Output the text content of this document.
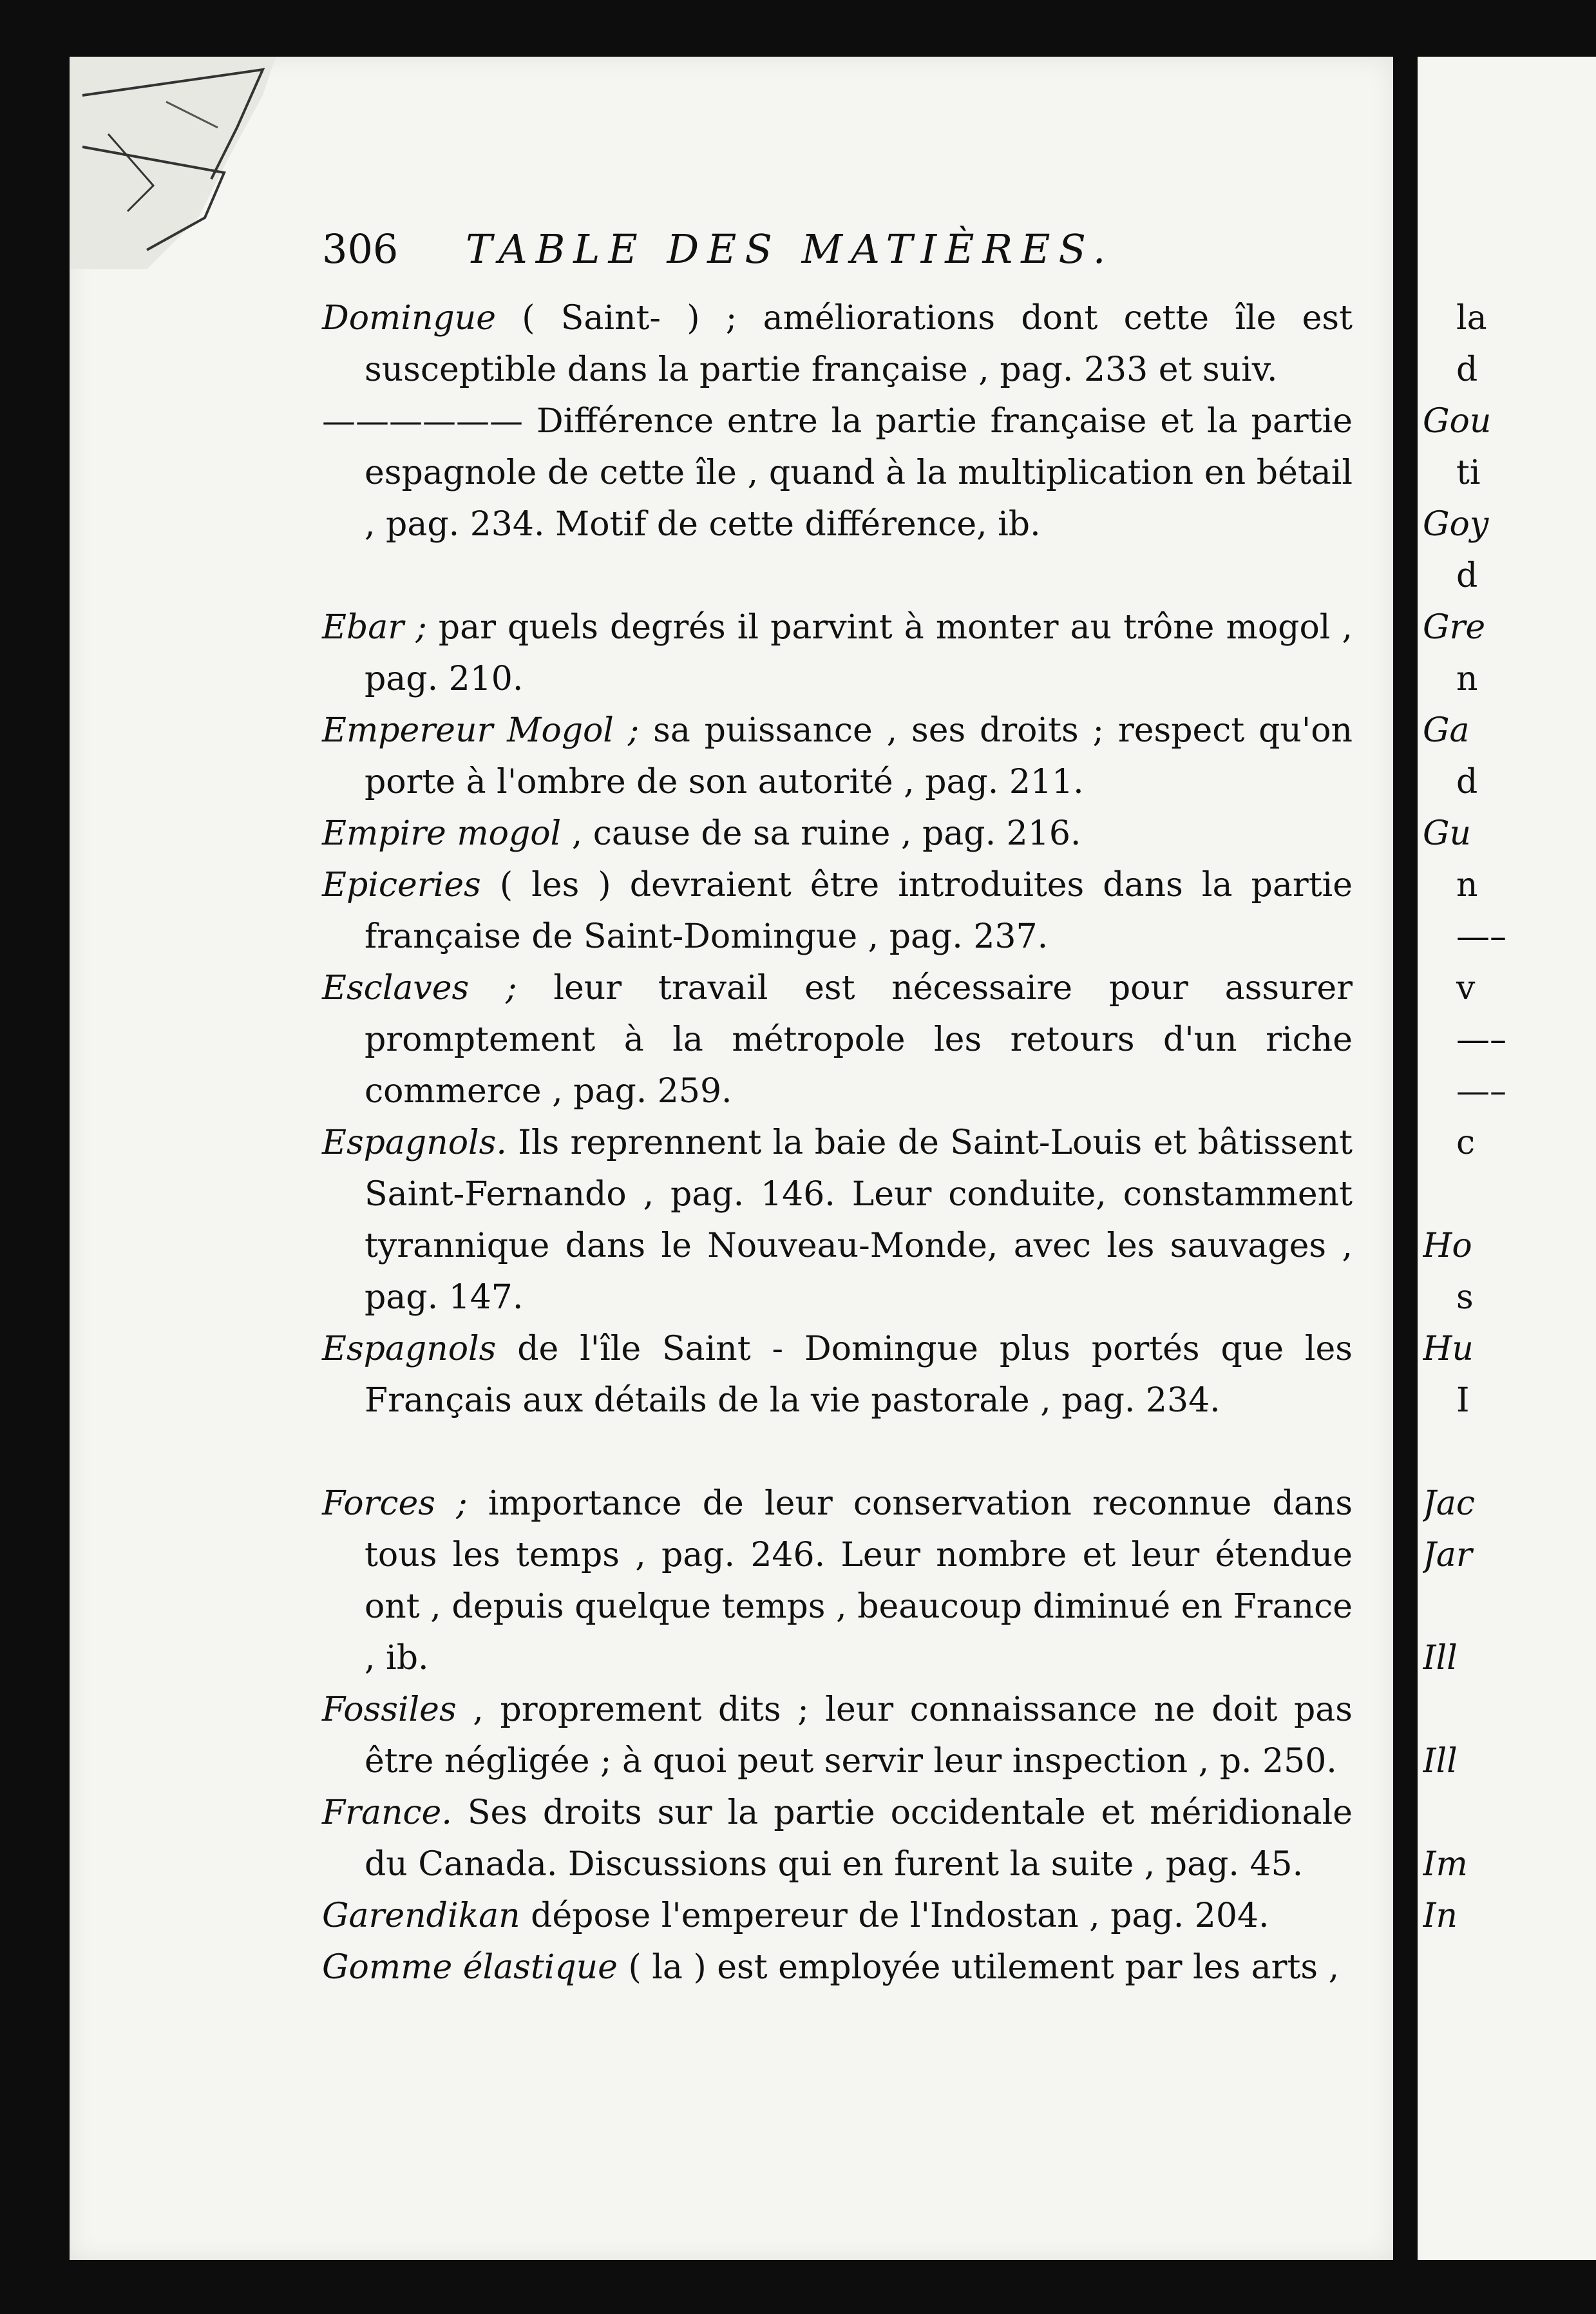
306 TABLE DES MATIÈRES.

Domingue ( Saint- ) ; améliorations dont cette île est susceptible dans la partie française , pag. 233 et suiv.

—————— Différence entre la partie française et la partie espagnole de cette île , quand à la multiplication en bétail , pag. 234. Motif de cette différence, ib.

Ebar ; par quels degrés il parvint à monter au trône mogol , pag. 210.

Empereur Mogol ; sa puissance , ses droits ; respect qu'on porte à l'ombre de son autorité , pag. 211.

Empire mogol , cause de sa ruine , pag. 216.

Epiceries ( les ) devraient être introduites dans la partie française de Saint-Domingue , pag. 237.

Esclaves ; leur travail est nécessaire pour assurer promptement à la métropole les retours d'un riche commerce , pag. 259.

Espagnols. Ils reprennent la baie de Saint-Louis et bâtissent Saint-Fernando , pag. 146. Leur conduite, constamment tyrannique dans le Nouveau-Monde, avec les sauvages , pag. 147.

Espagnols de l'île Saint - Domingue plus portés que les Français aux détails de la vie pastorale , pag. 234.

Forces ; importance de leur conservation reconnue dans tous les temps , pag. 246. Leur nombre et leur étendue ont , depuis quelque temps , beaucoup diminué en France , ib.

Fossiles , proprement dits ; leur connaissance ne doit pas être négligée ; à quoi peut servir leur inspection , p. 250.

France. Ses droits sur la partie occidentale et méridionale du Canada. Discussions qui en furent la suite , pag. 45.

Garendikan dépose l'empereur de l'Indostan , pag. 204.

Gomme élastique ( la ) est employée utilement par les arts ,

la
d
Gou
ti
Goy
d
Gre
n
Ga
d
Gu
n
—–
v
—–
—–
c
Ho
s
Hu
I
Jac
Jar
Ill
Ill
Im
In
